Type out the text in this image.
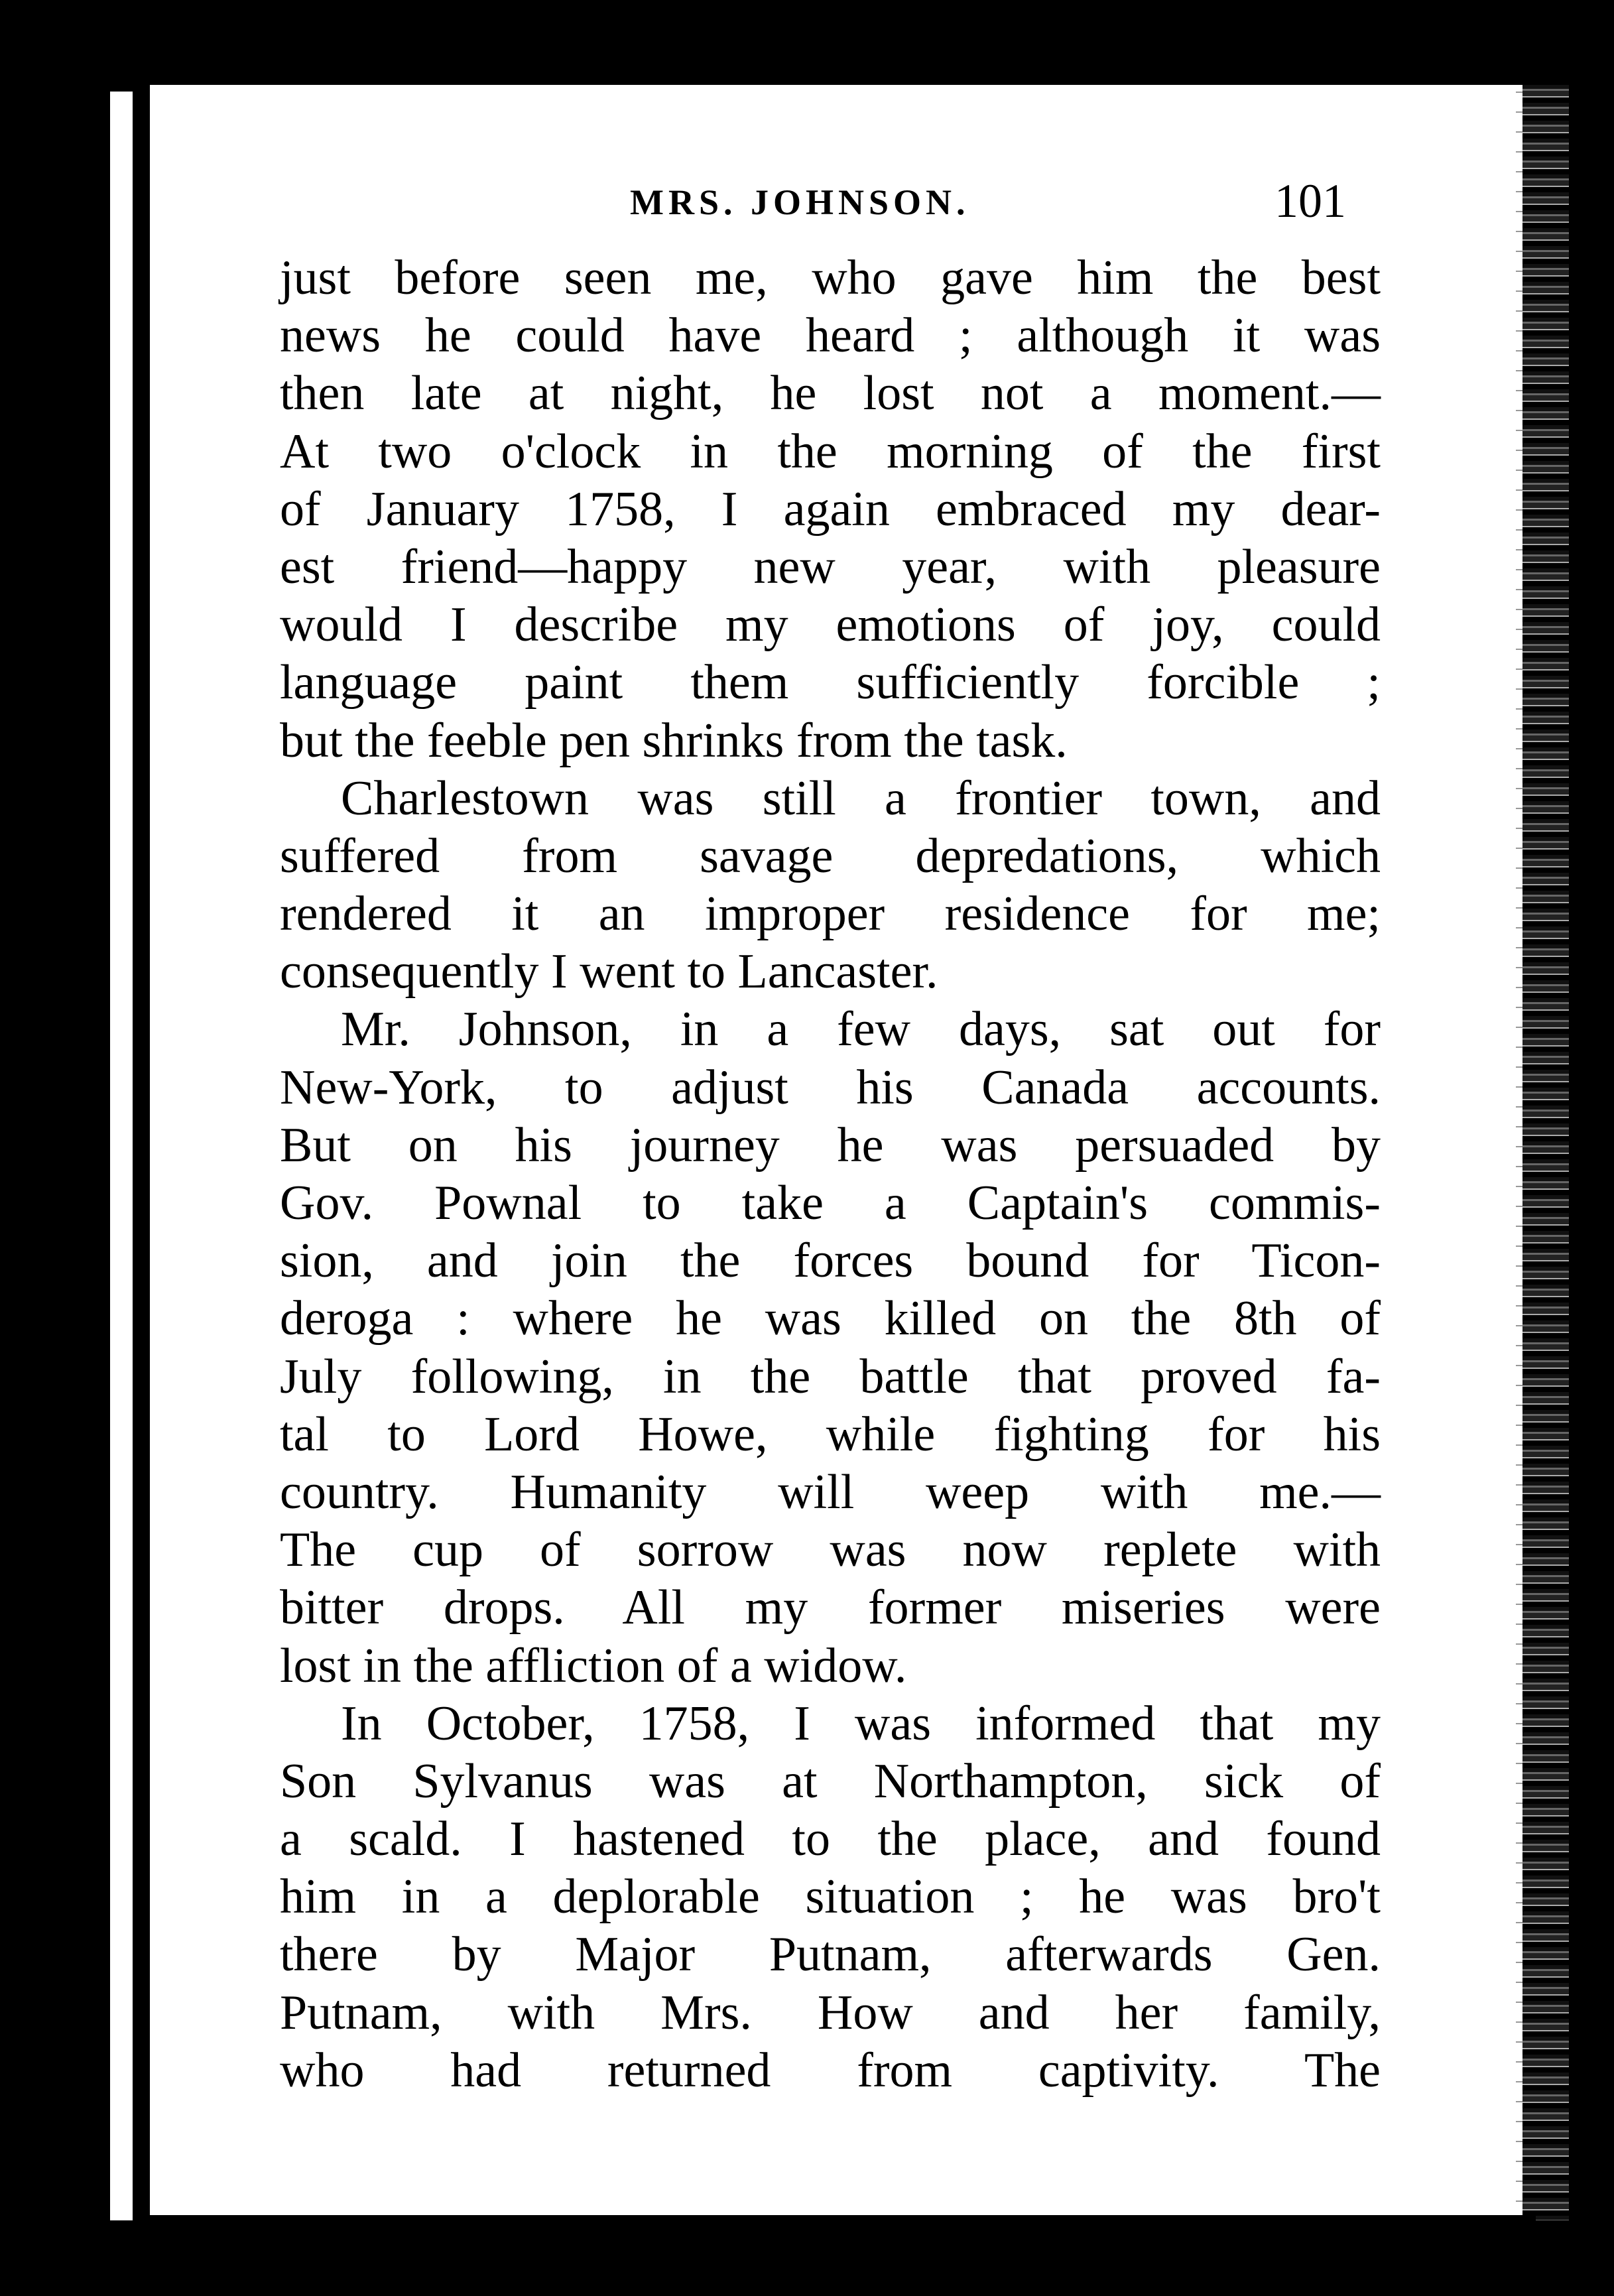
MRS. JOHNSON.	101
just before seen me, who gave him the best
news he could have heard ; although it was
then late at night, he lost not a moment.—
At two o'clock in the morning of the first
of January 1758, I again embraced my dear-
est friend—happy new year, with pleasure
would I describe my emotions of joy, could
language paint them sufficiently forcible ;
but the feeble pen shrinks from the task.
Charlestown was still a frontier town, and
suffered from savage depredations, which
rendered it an improper residence for me;
consequently I went to Lancaster.
Mr. Johnson, in a few days, sat out for
New-York, to adjust his Canada accounts.
But on his journey he was persuaded by
Gov. Pownal to take a Captain's commis-
sion, and join the forces bound for Ticon-
deroga : where he was killed on the 8th of
July following, in the battle that proved fa-
tal to Lord Howe, while fighting for his
country. Humanity will weep with me.—
The cup of sorrow was now replete with
bitter drops. All my former miseries were
lost in the affliction of a widow.
In October, 1758, I was informed that my
Son Sylvanus was at Northampton, sick of
a scald. I hastened to the place, and found
him in a deplorable situation ; he was bro't
there by Major Putnam, afterwards Gen.
Putnam, with Mrs. How and her family,
who had returned from captivity. The
